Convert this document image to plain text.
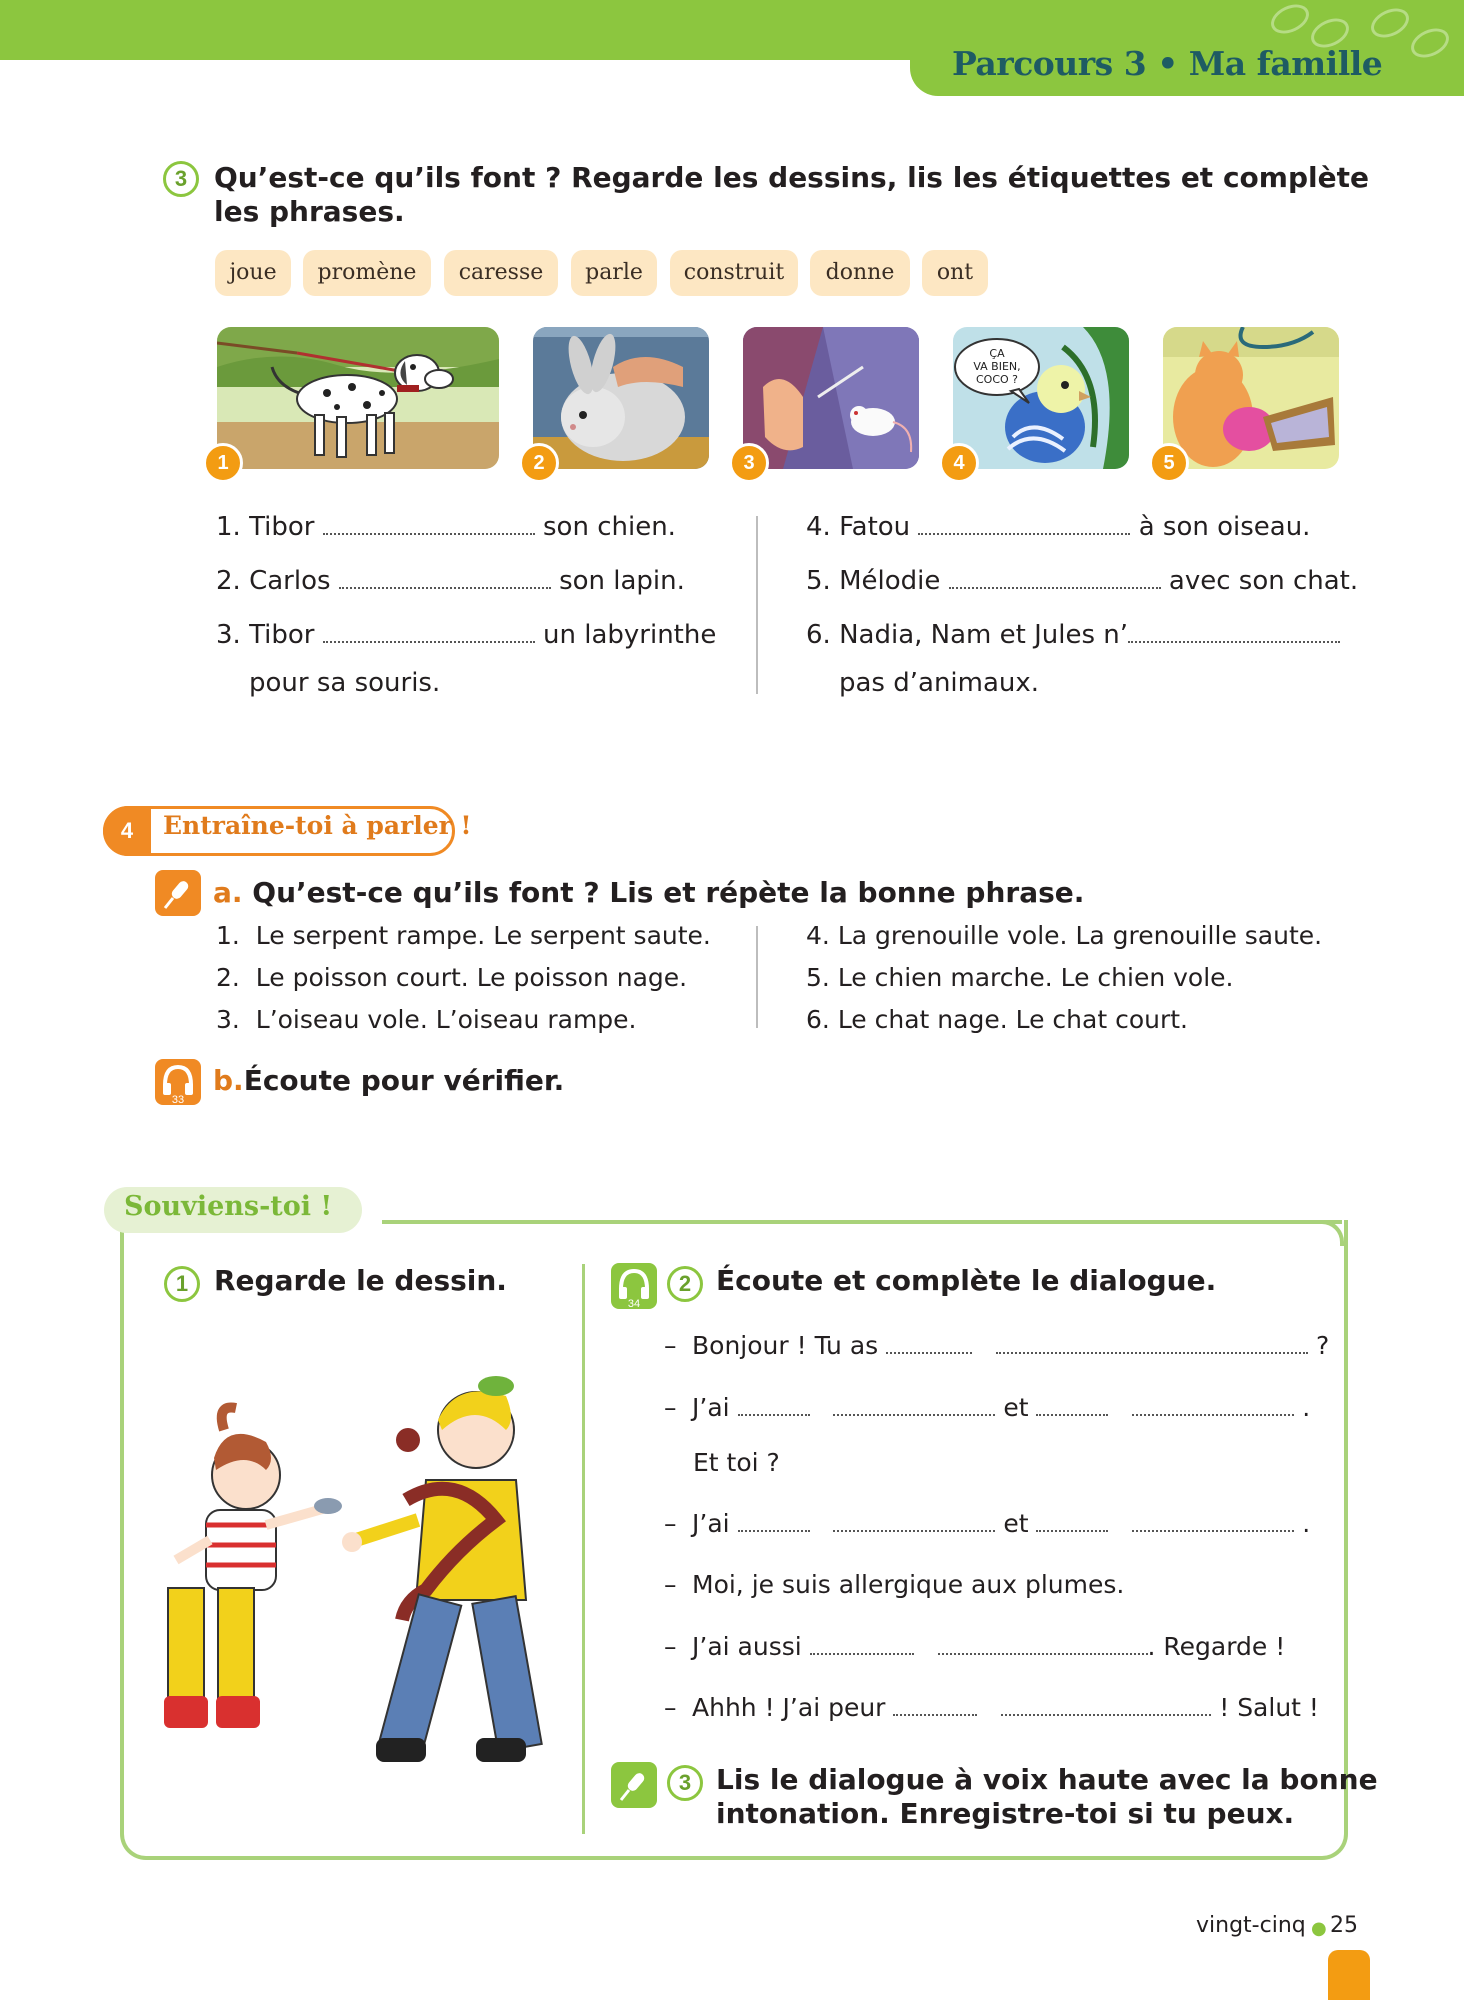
Parcours 3 • Ma famille
3 Qu’est-ce qu’ils font ? Regarde les dessins, lis les étiquettes et complète
les phrases.
joue	promène	caresse	parle	construit	donne	ont
1	2	3
ÇA
VA BIEN,
COCO ?
4	5
1. Tibor	son chien.
2. Carlos	son lapin.
3. Tibor	un labyrinthe
pour sa souris.
4. Fatou	à son oiseau.
5. Mélodie	avec son chat.
6. Nadia, Nam et Jules n’
pas d’animaux.
4	Entraîne-toi à parler !
a. Qu’est-ce qu’ils font ? Lis et répète la bonne phrase.
1. Le serpent rampe. Le serpent saute.
2. Le poisson court. Le poisson nage.
3. L’oiseau vole. L’oiseau rampe.
4. La grenouille vole. La grenouille saute.
5. Le chien marche. Le chien vole.
6. Le chat nage. Le chat court.
33
b.Écoute pour vérifier.
Souviens-toi !
1 Regarde le dessin.
34
2 Écoute et complète le dialogue.
– Bonjour ! Tu as	?
– J’ai	et	.
Et toi ?
– J’ai	et	.
– Moi, je suis allergique aux plumes.
– J’ai aussi	. Regarde !
– Ahhh ! J’ai peur	! Salut !
3 Lis le dialogue à voix haute avec la bonne
intonation. Enregistre-toi si tu peux.
vingt-cinq ● 25
